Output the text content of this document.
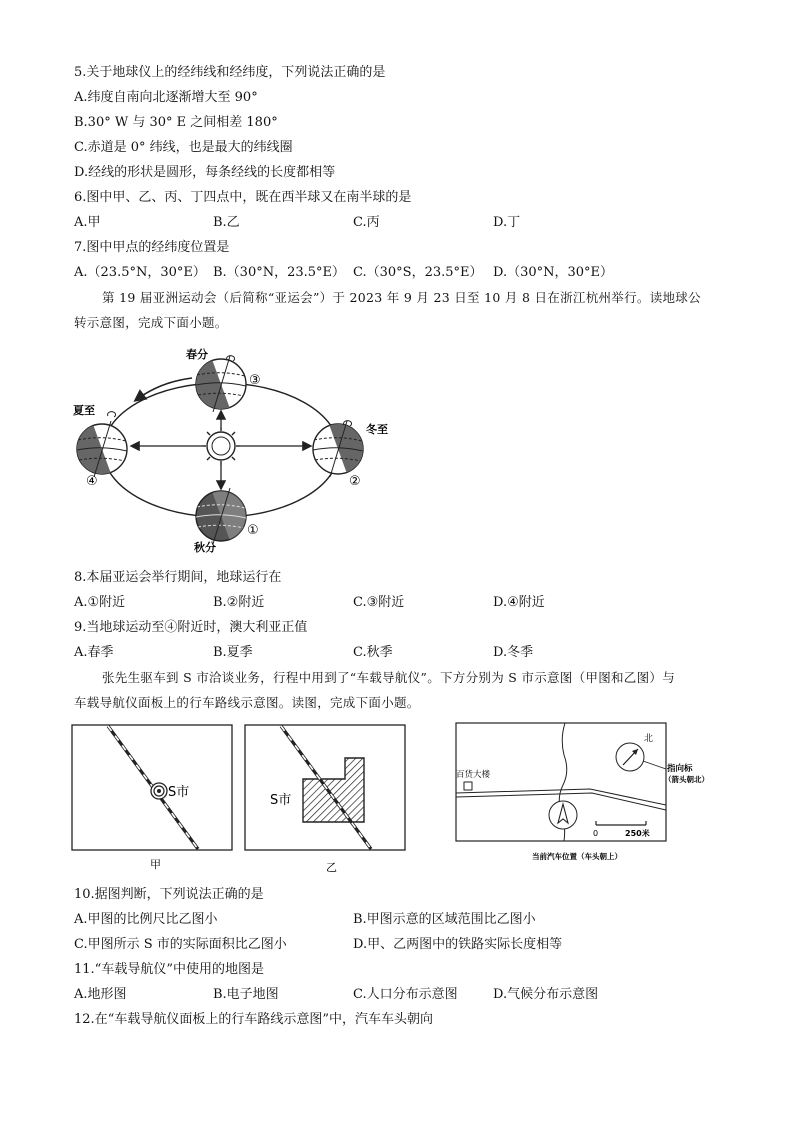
5.关于地球仪上的经纬线和经纬度，下列说法正确的是
A.纬度自南向北逐渐增大至 90°
B.30° W 与 30° E 之间相差 180°
C.赤道是 0° 纬线，也是最大的纬线圈
D.经线的形状是圆形，每条经线的长度都相等
6.图中甲、乙、丙、丁四点中，既在西半球又在南半球的是
A.甲	B.乙	C.丙	D.丁
7.图中甲点的经纬度位置是
A.（23.5°N，30°E） B.（30°N，23.5°E） C.（30°S，23.5°E） D.（30°N，30°E）
第 19 届亚洲运动会（后简称“亚运会”）于 2023 年 9 月 23 日至 10 月 8 日在浙江杭州举行。读地球公
转示意图，完成下面小题。
春分
夏至
冬至
秋分
③
②
④
①
8.本届亚运会举行期间，地球运行在
A.①附近	B.②附近	C.③附近	D.④附近
9.当地球运动至④附近时，澳大利亚正值
A.春季	B.夏季	C.秋季	D.冬季
张先生驱车到 S 市洽谈业务，行程中用到了“车载导航仪”。下方分别为 S 市示意图（甲图和乙图）与
车载导航仪面板上的行车路线示意图。读图，完成下面小题。
S市
甲
S市
乙
百货大楼
北
指向标
（箭头朝北）
0	250米
当前汽车位置（车头朝上）
10.据图判断，下列说法正确的是
A.甲图的比例尺比乙图小	B.甲图示意的区域范围比乙图小
C.甲图所示 S 市的实际面积比乙图小	D.甲、乙两图中的铁路实际长度相等
11.“车载导航仪”中使用的地图是
A.地形图	B.电子地图	C.人口分布示意图	D.气候分布示意图
12.在“车载导航仪面板上的行车路线示意图”中，汽车车头朝向
